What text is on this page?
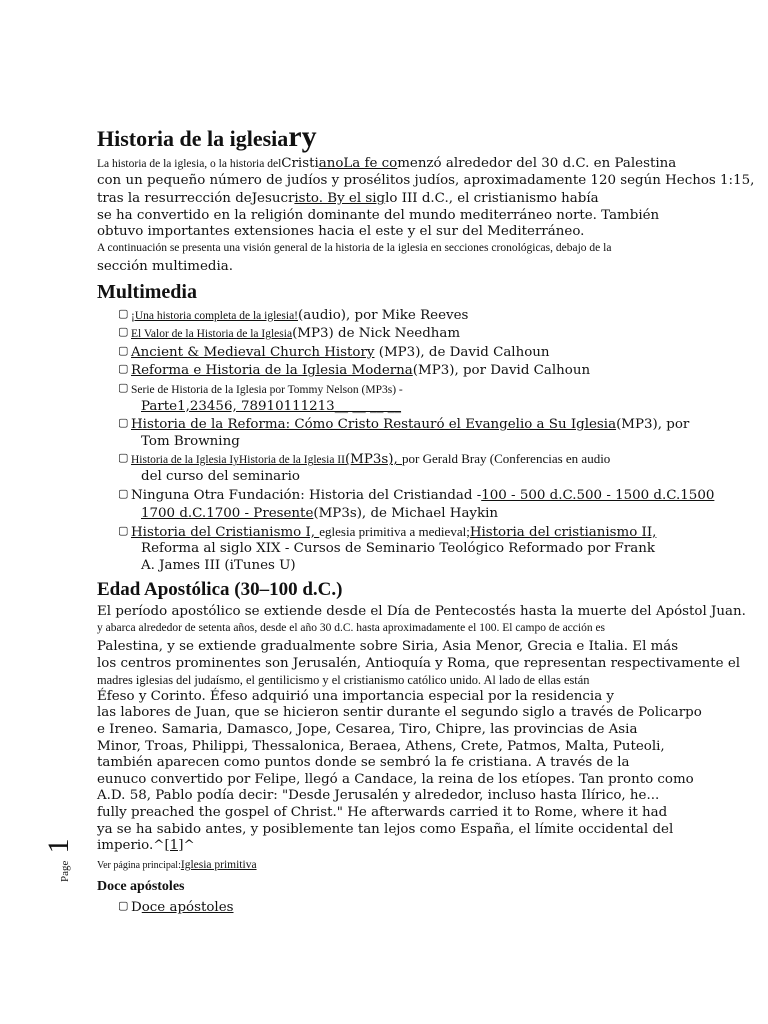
Historia de la iglesiary
La historia de la iglesia, o la historia delCristianoLa fe comenzó alrededor del 30 d.C. en Palestina
con un pequeño número de judíos y prosélitos judíos, aproximadamente 120 según Hechos 1:15,
tras la resurrección deJesucristo. By el siglo III d.C., el cristianismo había
se ha convertido en la religión dominante del mundo mediterráneo norte. También
obtuvo importantes extensiones hacia el este y el sur del Mediterráneo.
A continuación se presenta una visión general de la historia de la iglesia en secciones cronológicas, debajo de la
sección multimedia.
Multimedia
▢ ¡Una historia completa de la iglesia!(audio), por Mike Reeves
▢ El Valor de la Historia de la Iglesia(MP3) de Nick Needham
▢ Ancient & Medieval Church History (MP3), de David Calhoun
▢ Reforma e Historia de la Iglesia Moderna(MP3), por David Calhoun
▢ Serie de Historia de la Iglesia por Tommy Nelson (MP3s) -
Parte1,23456, 78910111213__ __ __ __
▢ Historia de la Reforma: Cómo Cristo Restauró el Evangelio a Su Iglesia(MP3), por
Tom Browning
▢ Historia de la Iglesia IyHistoria de la Iglesia II(MP3s), por Gerald Bray (Conferencias en audio
del curso del seminario
▢ Ninguna Otra Fundación: Historia del Cristiandad -100 - 500 d.C.500 - 1500 d.C.1500
1700 d.C.1700 - Presente(MP3s), de Michael Haykin
▢ Historia del Cristianismo I, eglesia primitiva a medieval;Historia del cristianismo II,
Reforma al siglo XIX - Cursos de Seminario Teológico Reformado por Frank
A. James III (iTunes U)
Edad Apostólica (30–100 d.C.)
El período apostólico se extiende desde el Día de Pentecostés hasta la muerte del Apóstol Juan.
y abarca alrededor de setenta años, desde el año 30 d.C. hasta aproximadamente el 100. El campo de acción es
Palestina, y se extiende gradualmente sobre Siria, Asia Menor, Grecia e Italia. El más
los centros prominentes son Jerusalén, Antioquía y Roma, que representan respectivamente el
madres iglesias del judaísmo, el gentilicismo y el cristianismo católico unido. Al lado de ellas están
Éfeso y Corinto. Éfeso adquirió una importancia especial por la residencia y
las labores de Juan, que se hicieron sentir durante el segundo siglo a través de Policarpo
e Ireneo. Samaria, Damasco, Jope, Cesarea, Tiro, Chipre, las provincias de Asia
Minor, Troas, Philippi, Thessalonica, Beraea, Athens, Crete, Patmos, Malta, Puteoli,
también aparecen como puntos donde se sembró la fe cristiana. A través de la
eunuco convertido por Felipe, llegó a Candace, la reina de los etíopes. Tan pronto como
A.D. 58, Pablo podía decir: "Desde Jerusalén y alrededor, incluso hasta Ilírico, he...
fully preached the gospel of Christ." He afterwards carried it to Rome, where it had
ya se ha sabido antes, y posiblemente tan lejos como España, el límite occidental del
imperio.^[1]^
Ver página principal:Iglesia primitiva
Doce apóstoles
▢ Doce apóstoles
Page 1
